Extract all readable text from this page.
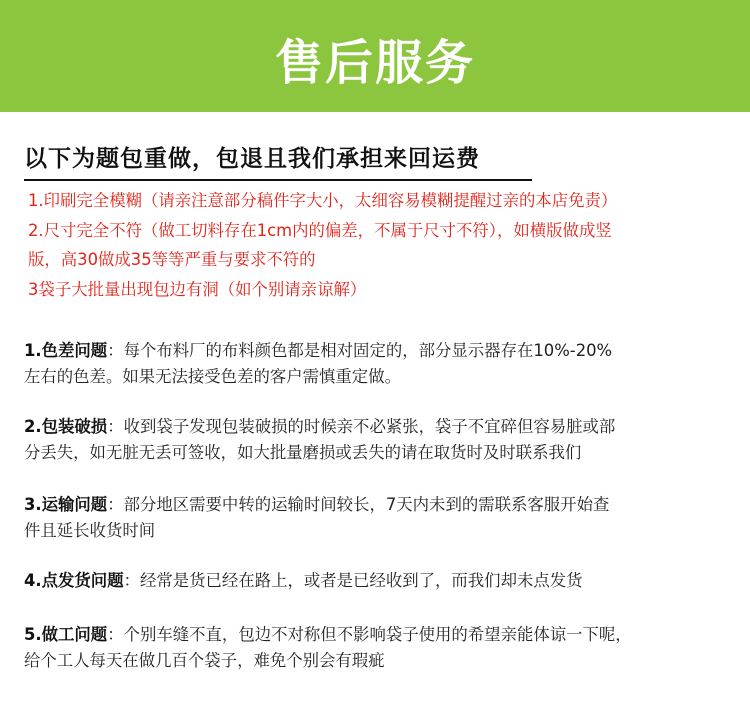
售后服务
以下为题包重做，包退且我们承担来回运费
1.印刷完全模糊（请亲注意部分稿件字大小，太细容易模糊提醒过亲的本店免责）
2.尺寸完全不符（做工切料存在1cm内的偏差，不属于尺寸不符），如横版做成竖
版，高30做成35等等严重与要求不符的
3袋子大批量出现包边有洞（如个别请亲谅解）
1.色差问题：每个布料厂的布料颜色都是相对固定的，部分显示器存在10%-20%
左右的色差。如果无法接受色差的客户需慎重定做。
2.包装破损：收到袋子发现包装破损的时候亲不必紧张，袋子不宜碎但容易脏或部
分丢失，如无脏无丢可签收，如大批量磨损或丢失的请在取货时及时联系我们
3.运输问题：部分地区需要中转的运输时间较长，7天内未到的需联系客服开始查
件且延长收货时间
4.点发货问题：经常是货已经在路上，或者是已经收到了，而我们却未点发货
5.做工问题：个别车缝不直，包边不对称但不影响袋子使用的希望亲能体谅一下呢，
给个工人每天在做几百个袋子，难免个别会有瑕疵
